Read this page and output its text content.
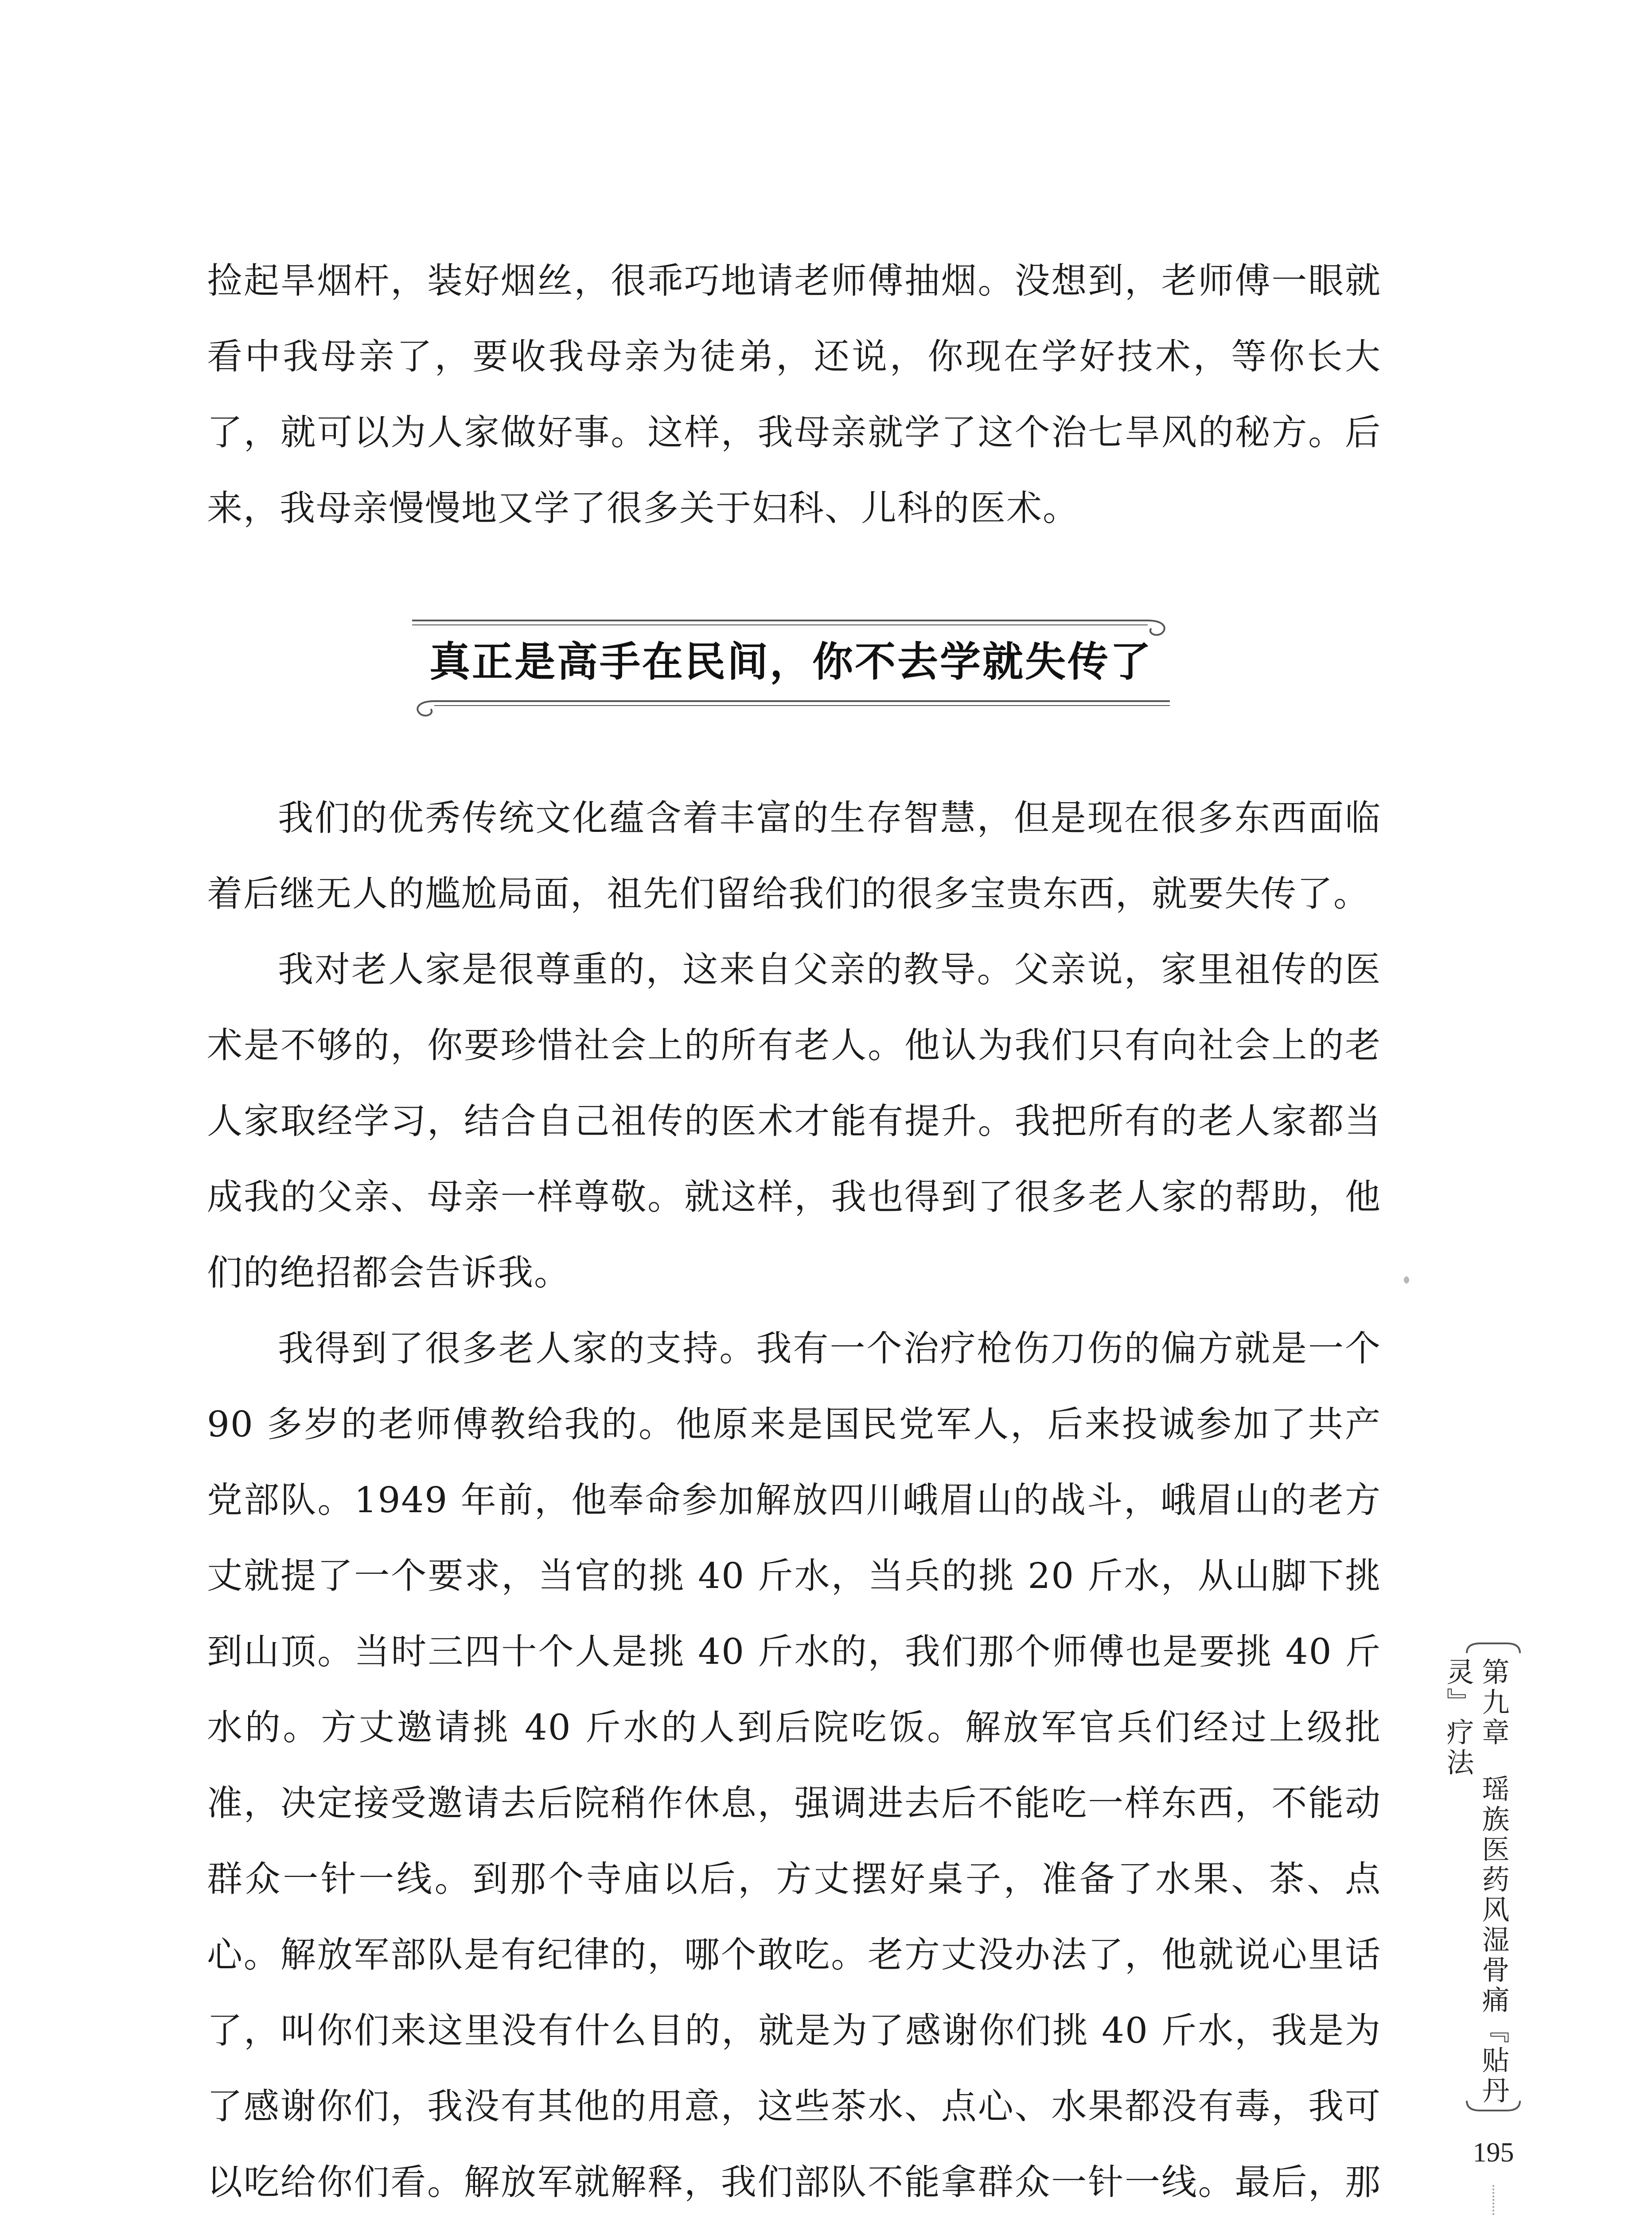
捡起旱烟杆，装好烟丝，很乖巧地请老师傅抽烟。没想到，老师傅一眼就看中我母亲了，要收我母亲为徒弟，还说，你现在学好技术，等你长大了，就可以为人家做好事。这样，我母亲就学了这个治七旱风的秘方。后来，我母亲慢慢地又学了很多关于妇科、儿科的医术。

真正是高手在民间，你不去学就失传了

我们的优秀传统文化蕴含着丰富的生存智慧，但是现在很多东西面临着后继无人的尴尬局面，祖先们留给我们的很多宝贵东西，就要失传了。

我对老人家是很尊重的，这来自父亲的教导。父亲说，家里祖传的医术是不够的，你要珍惜社会上的所有老人。他认为我们只有向社会上的老人家取经学习，结合自己祖传的医术才能有提升。我把所有的老人家都当成我的父亲、母亲一样尊敬。就这样，我也得到了很多老人家的帮助，他们的绝招都会告诉我。

我得到了很多老人家的支持。我有一个治疗枪伤刀伤的偏方就是一个 90 多岁的老师傅教给我的。他原来是国民党军人，后来投诚参加了共产党部队。1949 年前，他奉命参加解放四川峨眉山的战斗，峨眉山的老方丈就提了一个要求，当官的挑 40 斤水，当兵的挑 20 斤水，从山脚下挑到山顶。当时三四十个人是挑 40 斤水的，我们那个师傅也是要挑 40 斤水的。方丈邀请挑 40 斤水的人到后院吃饭。解放军官兵们经过上级批准，决定接受邀请去后院稍作休息，强调进去后不能吃一样东西，不能动群众一针一线。到那个寺庙以后，方丈摆好桌子，准备了水果、茶、点心。解放军部队是有纪律的，哪个敢吃。老方丈没办法了，他就说心里话了，叫你们来这里没有什么目的，就是为了感谢你们挑 40 斤水，我是为了感谢你们，我没有其他的用意，这些茶水、点心、水果都没有毒，我可以吃给你们看。解放军就解释，我们部队不能拿群众一针一线。最后，那

第九章瑶族医药风湿骨痛『贴丹灵』疗法
195
